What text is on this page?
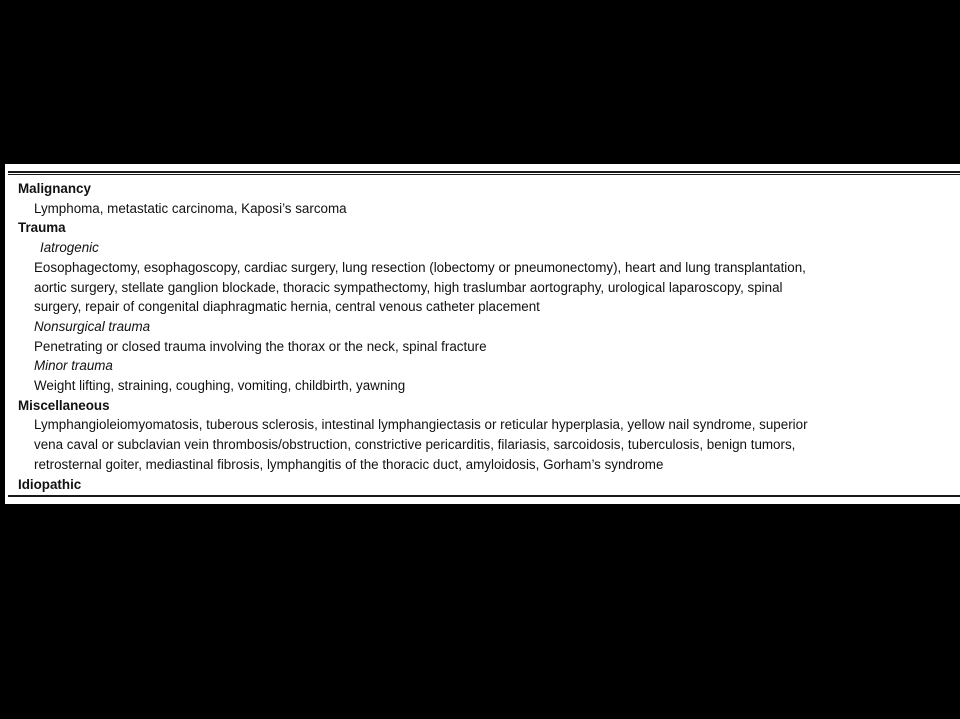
Malignancy

Lymphoma, metastatic carcinoma, Kaposi’s sarcoma

Trauma

Iatrogenic

Eosophagectomy, esophagoscopy, cardiac surgery, lung resection (lobectomy or pneumonectomy), heart and lung transplantation,
aortic surgery, stellate ganglion blockade, thoracic sympathectomy, high traslumbar aortography, urological laparoscopy, spinal
surgery, repair of congenital diaphragmatic hernia, central venous catheter placement

Nonsurgical trauma

Penetrating or closed trauma involving the thorax or the neck, spinal fracture

Minor trauma

Weight lifting, straining, coughing, vomiting, childbirth, yawning

Miscellaneous

Lymphangioleiomyomatosis, tuberous sclerosis, intestinal lymphangiectasis or reticular hyperplasia, yellow nail syndrome, superior
vena caval or subclavian vein thrombosis/obstruction, constrictive pericarditis, filariasis, sarcoidosis, tuberculosis, benign tumors,
retrosternal goiter, mediastinal fibrosis, lymphangitis of the thoracic duct, amyloidosis, Gorham’s syndrome

Idiopathic
